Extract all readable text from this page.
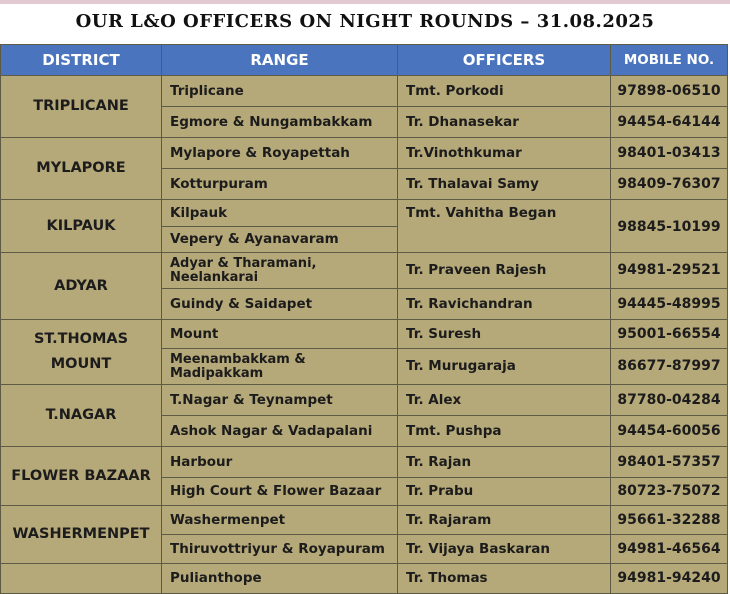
OUR L&O OFFICERS ON NIGHT ROUNDS – 31.08.2025
DISTRICT	RANGE	OFFICERS	MOBILE NO.
TRIPLICANE	Triplicane	Tmt. Porkodi	97898-06510
	Egmore & Nungambakkam	Tr. Dhanasekar	94454-64144
MYLAPORE	Mylapore & Royapettah	Tr.Vinothkumar	98401-03413
	Kotturpuram	Tr. Thalavai Samy	98409-76307
KILPAUK	Kilpauk	Tmt. Vahitha Began	98845-10199
	Vepery & Ayanavaram		
ADYAR	Adyar & Tharamani, Neelankarai	Tr. Praveen Rajesh	94981-29521
	Guindy & Saidapet	Tr. Ravichandran	94445-48995
ST.THOMAS MOUNT	Mount	Tr. Suresh	95001-66554
	Meenambakkam & Madipakkam	Tr. Murugaraja	86677-87997
T.NAGAR	T.Nagar & Teynampet	Tr. Alex	87780-04284
	Ashok Nagar & Vadapalani	Tmt. Pushpa	94454-60056
FLOWER BAZAAR	Harbour	Tr. Rajan	98401-57357
	High Court & Flower Bazaar	Tr. Prabu	80723-75072
WASHERMENPET	Washermenpet	Tr. Rajaram	95661-32288
	Thiruvottriyur & Royapuram	Tr. Vijaya Baskaran	94981-46564
	Pulianthope	Tr. Thomas	94981-94240
